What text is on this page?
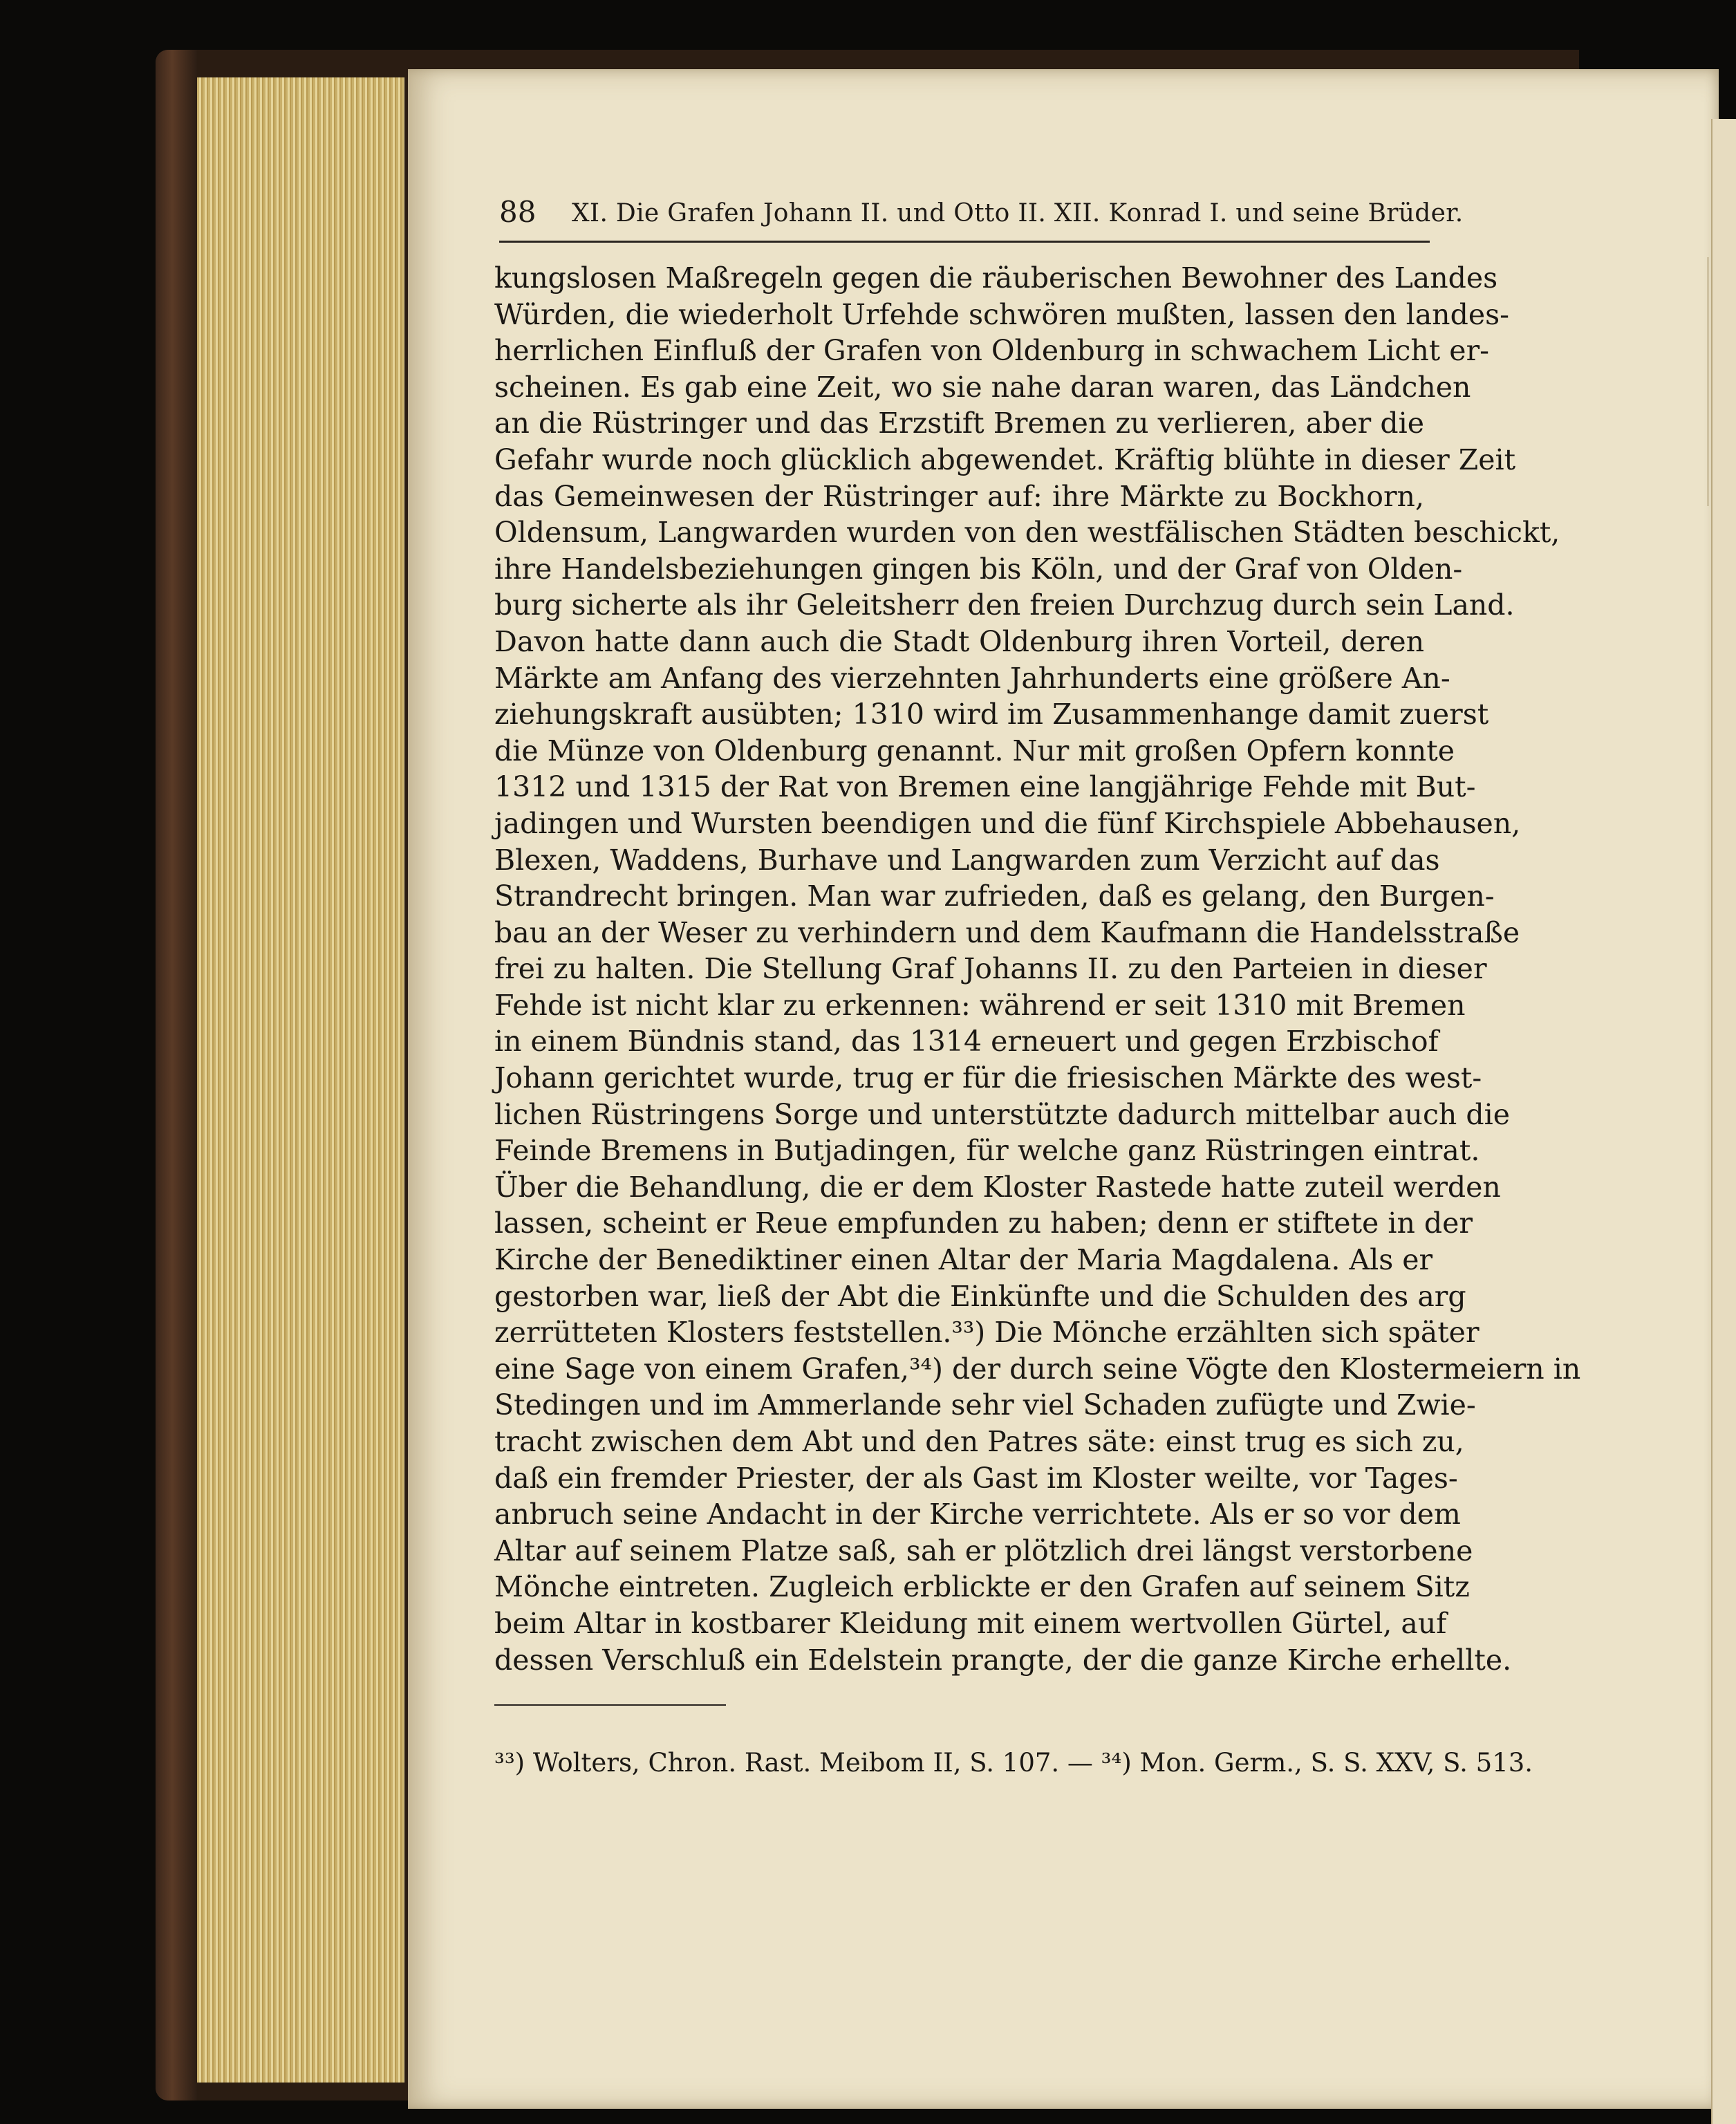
88 XI. Die Grafen Johann II. und Otto II. XII. Konrad I. und seine Brüder.
kungslosen Maßregeln gegen die räuberischen Bewohner des Landes
Würden, die wiederholt Urfehde schwören mußten, lassen den landes-
herrlichen Einfluß der Grafen von Oldenburg in schwachem Licht er-
scheinen. Es gab eine Zeit, wo sie nahe daran waren, das Ländchen
an die Rüstringer und das Erzstift Bremen zu verlieren, aber die
Gefahr wurde noch glücklich abgewendet. Kräftig blühte in dieser Zeit
das Gemeinwesen der Rüstringer auf: ihre Märkte zu Bockhorn,
Oldensum, Langwarden wurden von den westfälischen Städten beschickt,
ihre Handelsbeziehungen gingen bis Köln, und der Graf von Olden-
burg sicherte als ihr Geleitsherr den freien Durchzug durch sein Land.
Davon hatte dann auch die Stadt Oldenburg ihren Vorteil, deren
Märkte am Anfang des vierzehnten Jahrhunderts eine größere An-
ziehungskraft ausübten; 1310 wird im Zusammenhange damit zuerst
die Münze von Oldenburg genannt. Nur mit großen Opfern konnte
1312 und 1315 der Rat von Bremen eine langjährige Fehde mit But-
jadingen und Wursten beendigen und die fünf Kirchspiele Abbehausen,
Blexen, Waddens, Burhave und Langwarden zum Verzicht auf das
Strandrecht bringen. Man war zufrieden, daß es gelang, den Burgen-
bau an der Weser zu verhindern und dem Kaufmann die Handelsstraße
frei zu halten. Die Stellung Graf Johanns II. zu den Parteien in dieser
Fehde ist nicht klar zu erkennen: während er seit 1310 mit Bremen
in einem Bündnis stand, das 1314 erneuert und gegen Erzbischof
Johann gerichtet wurde, trug er für die friesischen Märkte des west-
lichen Rüstringens Sorge und unterstützte dadurch mittelbar auch die
Feinde Bremens in Butjadingen, für welche ganz Rüstringen eintrat.
Über die Behandlung, die er dem Kloster Rastede hatte zuteil werden
lassen, scheint er Reue empfunden zu haben; denn er stiftete in der
Kirche der Benediktiner einen Altar der Maria Magdalena. Als er
gestorben war, ließ der Abt die Einkünfte und die Schulden des arg
zerrütteten Klosters feststellen.³³) Die Mönche erzählten sich später
eine Sage von einem Grafen,³⁴) der durch seine Vögte den Klostermeiern in
Stedingen und im Ammerlande sehr viel Schaden zufügte und Zwie-
tracht zwischen dem Abt und den Patres säte: einst trug es sich zu,
daß ein fremder Priester, der als Gast im Kloster weilte, vor Tages-
anbruch seine Andacht in der Kirche verrichtete. Als er so vor dem
Altar auf seinem Platze saß, sah er plötzlich drei längst verstorbene
Mönche eintreten. Zugleich erblickte er den Grafen auf seinem Sitz
beim Altar in kostbarer Kleidung mit einem wertvollen Gürtel, auf
dessen Verschluß ein Edelstein prangte, der die ganze Kirche erhellte.
³³) Wolters, Chron. Rast. Meibom II, S. 107. — ³⁴) Mon. Germ., S. S. XXV, S. 513.
